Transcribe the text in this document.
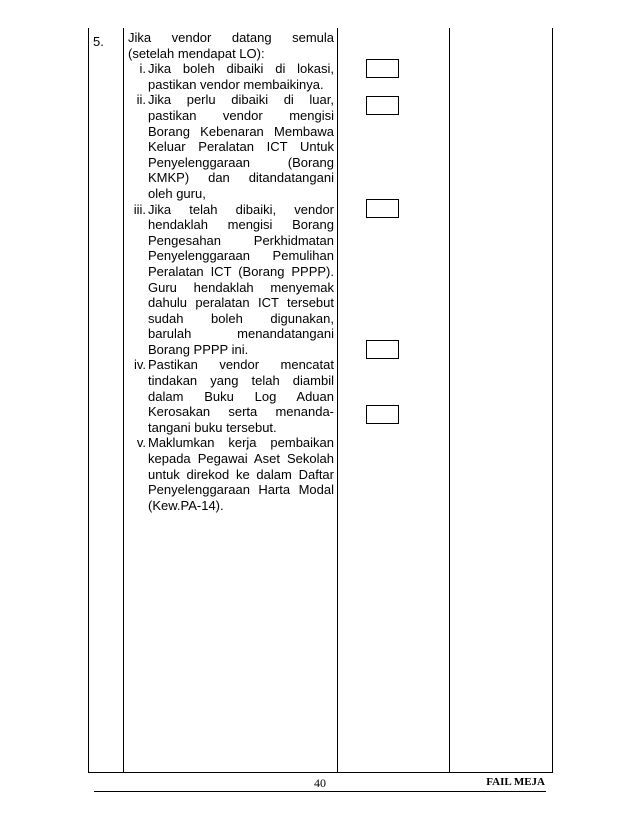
5. Jika vendor datang semula
(setelah mendapat LO):
i. Jika boleh dibaiki di lokasi,
pastikan vendor membaikinya.
ii. Jika perlu dibaiki di luar,
pastikan vendor mengisi
Borang Kebenaran Membawa
Keluar Peralatan ICT Untuk
Penyelenggaraan (Borang
KMKP) dan ditandatangani
oleh guru,
iii. Jika telah dibaiki, vendor
hendaklah mengisi Borang
Pengesahan Perkhidmatan
Penyelenggaraan Pemulihan
Peralatan ICT (Borang PPPP).
Guru hendaklah menyemak
dahulu peralatan ICT tersebut
sudah boleh digunakan,
barulah menandatangani
Borang PPPP ini.
iv. Pastikan vendor mencatat
tindakan yang telah diambil
dalam Buku Log Aduan
Kerosakan serta menanda-
tangani buku tersebut.
v. Maklumkan kerja pembaikan
kepada Pegawai Aset Sekolah
untuk direkod ke dalam Daftar
Penyelenggaraan Harta Modal
(Kew.PA-14).
40	FAIL MEJA
